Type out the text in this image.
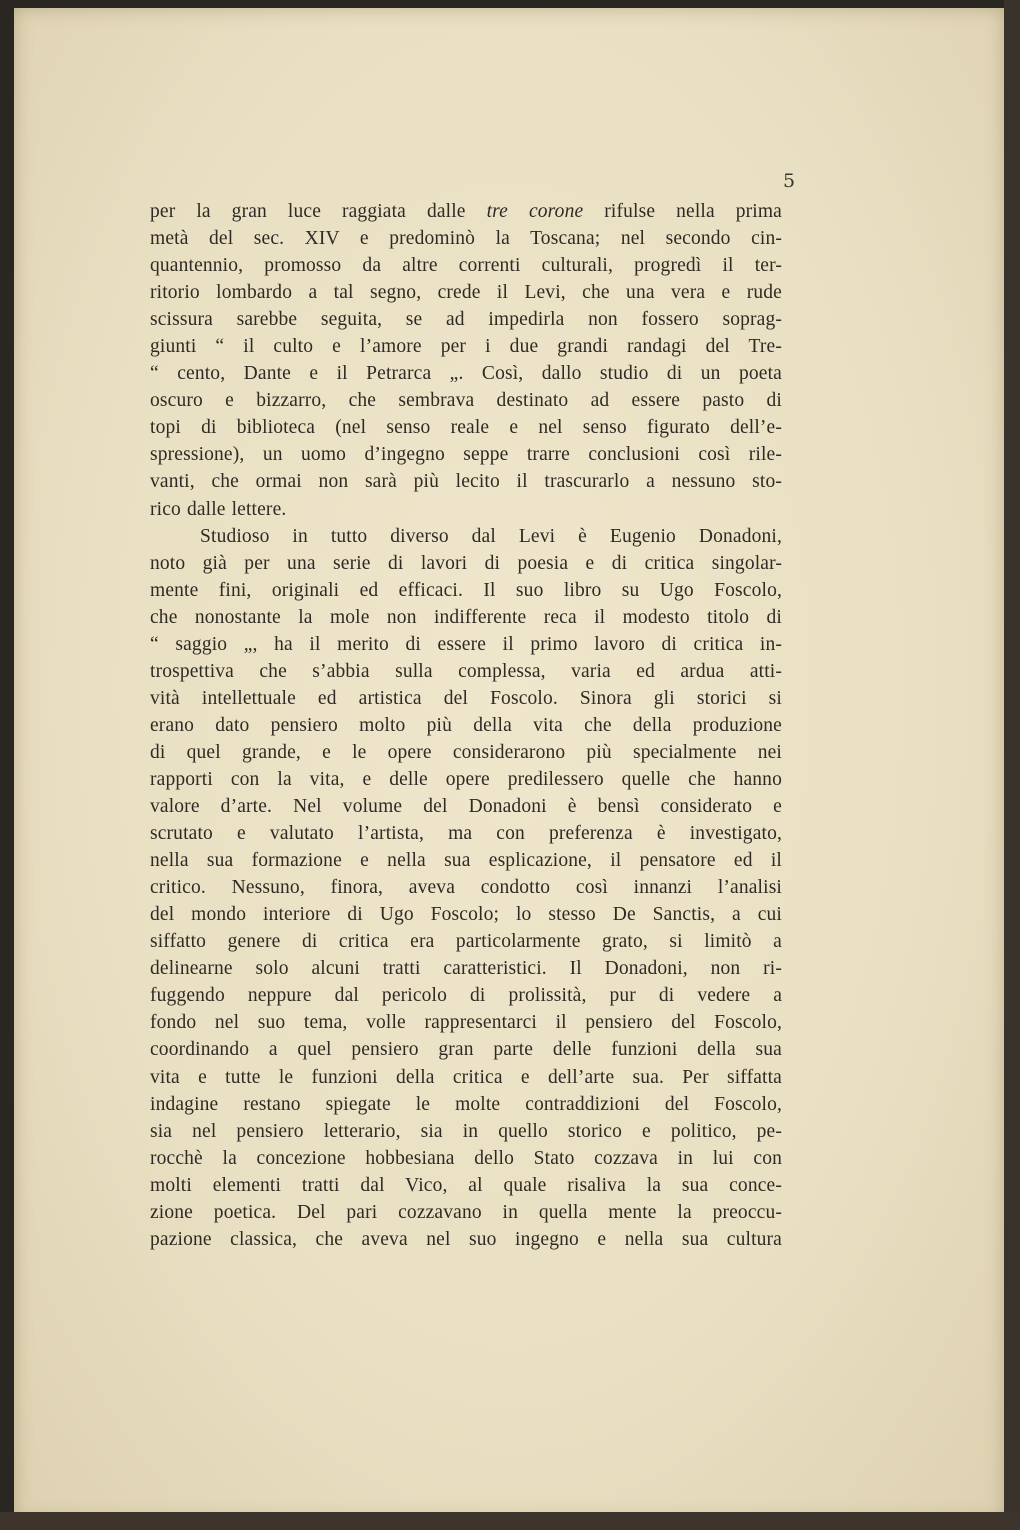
5
per la gran luce raggiata dalle tre corone rifulse nella prima
metà del sec. XIV e predominò la Toscana; nel secondo cin-
quantennio, promosso da altre correnti culturali, progredì il ter-
ritorio lombardo a tal segno, crede il Levi, che una vera e rude
scissura sarebbe seguita, se ad impedirla non fossero soprag-
giunti “ il culto e l’amore per i due grandi randagi del Tre-
“ cento, Dante e il Petrarca „. Così, dallo studio di un poeta
oscuro e bizzarro, che sembrava destinato ad essere pasto di
topi di biblioteca (nel senso reale e nel senso figurato dell’e-
spressione), un uomo d’ingegno seppe trarre conclusioni così rile-
vanti, che ormai non sarà più lecito il trascurarlo a nessuno sto-
rico dalle lettere.
Studioso in tutto diverso dal Levi è Eugenio Donadoni,
noto già per una serie di lavori di poesia e di critica singolar-
mente fini, originali ed efficaci. Il suo libro su Ugo Foscolo,
che nonostante la mole non indifferente reca il modesto titolo di
“ saggio „, ha il merito di essere il primo lavoro di critica in-
trospettiva che s’abbia sulla complessa, varia ed ardua atti-
vità intellettuale ed artistica del Foscolo. Sinora gli storici si
erano dato pensiero molto più della vita che della produzione
di quel grande, e le opere considerarono più specialmente nei
rapporti con la vita, e delle opere predilessero quelle che hanno
valore d’arte. Nel volume del Donadoni è bensì considerato e
scrutato e valutato l’artista, ma con preferenza è investigato,
nella sua formazione e nella sua esplicazione, il pensatore ed il
critico. Nessuno, finora, aveva condotto così innanzi l’analisi
del mondo interiore di Ugo Foscolo; lo stesso De Sanctis, a cui
siffatto genere di critica era particolarmente grato, si limitò a
delinearne solo alcuni tratti caratteristici. Il Donadoni, non ri-
fuggendo neppure dal pericolo di prolissità, pur di vedere a
fondo nel suo tema, volle rappresentarci il pensiero del Foscolo,
coordinando a quel pensiero gran parte delle funzioni della sua
vita e tutte le funzioni della critica e dell’arte sua. Per siffatta
indagine restano spiegate le molte contraddizioni del Foscolo,
sia nel pensiero letterario, sia in quello storico e politico, pe-
rocchè la concezione hobbesiana dello Stato cozzava in lui con
molti elementi tratti dal Vico, al quale risaliva la sua conce-
zione poetica. Del pari cozzavano in quella mente la preoccu-
pazione classica, che aveva nel suo ingegno e nella sua cultura
